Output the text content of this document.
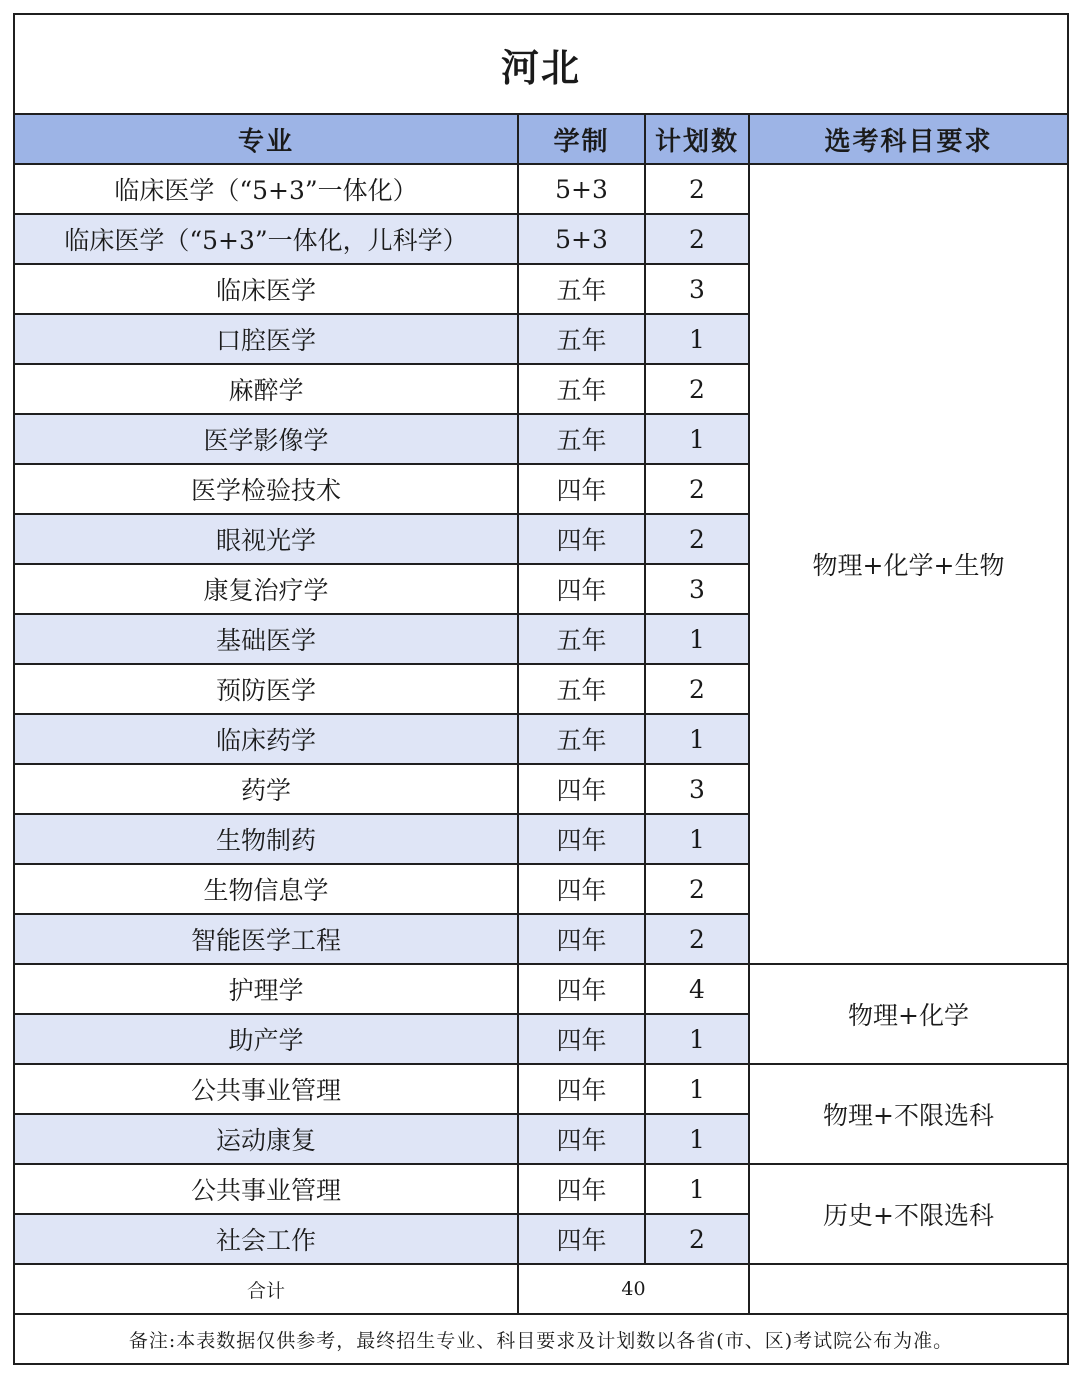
河北			
专业	学制	计划数	选考科目要求
临床医学（“5+3”一体化）	5+3	2	物理+化学+生物
临床医学（“5+3”一体化，儿科学）	5+3	2	
临床医学	五年	3	
口腔医学	五年	1	
麻醉学	五年	2	
医学影像学	五年	1	
医学检验技术	四年	2	
眼视光学	四年	2	
康复治疗学	四年	3	
基础医学	五年	1	
预防医学	五年	2	
临床药学	五年	1	
药学	四年	3	
生物制药	四年	1	
生物信息学	四年	2	
智能医学工程	四年	2	
护理学	四年	4	物理+化学
助产学	四年	1	
公共事业管理	四年	1	物理+不限选科
运动康复	四年	1	
公共事业管理	四年	1	历史+不限选科
社会工作	四年	2	
合计	40		
备注:本表数据仅供参考，最终招生专业、科目要求及计划数以各省(市、区)考试院公布为准。			
